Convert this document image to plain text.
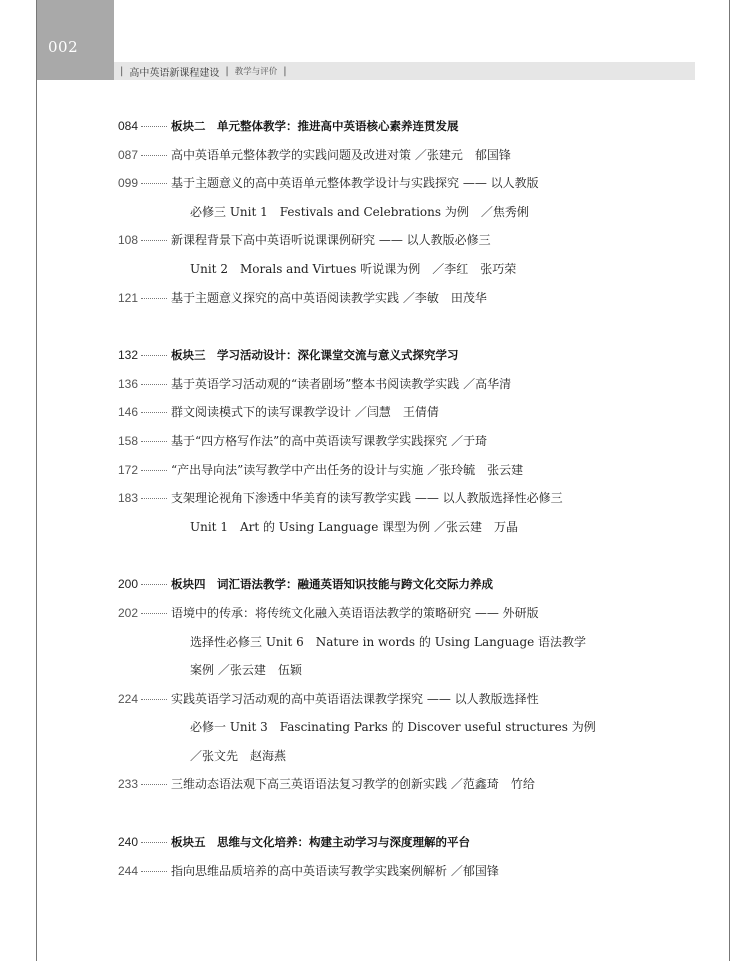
002
| 高中英语新课程建设 | 教学与评价 |
084	板块二　单元整体教学：推进高中英语核心素养连贯发展
087	高中英语单元整体教学的实践问题及改进对策 ／张建元　郁国锋
099	基于主题意义的高中英语单元整体教学设计与实践探究 —— 以人教版
必修三 Unit 1　Festivals and Celebrations 为例　／焦秀俐
108	新课程背景下高中英语听说课课例研究 —— 以人教版必修三
Unit 2　Morals and Virtues 听说课为例　／李红　张巧荣
121	基于主题意义探究的高中英语阅读教学实践 ／李敏　田茂华
132	板块三　学习活动设计：深化课堂交流与意义式探究学习
136	基于英语学习活动观的“读者剧场”整本书阅读教学实践 ／高华清
146	群文阅读模式下的读写课教学设计 ／闫慧　王倩倩
158	基于“四方格写作法”的高中英语读写课教学实践探究 ／于琦
172	“产出导向法”读写教学中产出任务的设计与实施 ／张玲毓　张云建
183	支架理论视角下渗透中华美育的读写教学实践 —— 以人教版选择性必修三
Unit 1　Art 的 Using Language 课型为例 ／张云建　万晶
200	板块四　词汇语法教学：融通英语知识技能与跨文化交际力养成
202	语境中的传承：将传统文化融入英语语法教学的策略研究 —— 外研版
选择性必修三 Unit 6　Nature in words 的 Using Language 语法教学
案例 ／张云建　伍颖
224	实践英语学习活动观的高中英语语法课教学探究 —— 以人教版选择性
必修一 Unit 3　Fascinating Parks 的 Discover useful structures 为例
／张文先　赵海燕
233	三维动态语法观下高三英语语法复习教学的创新实践 ／范鑫琦　竹给
240	板块五　思维与文化培养：构建主动学习与深度理解的平台
244	指向思维品质培养的高中英语读写教学实践案例解析 ／郁国锋
